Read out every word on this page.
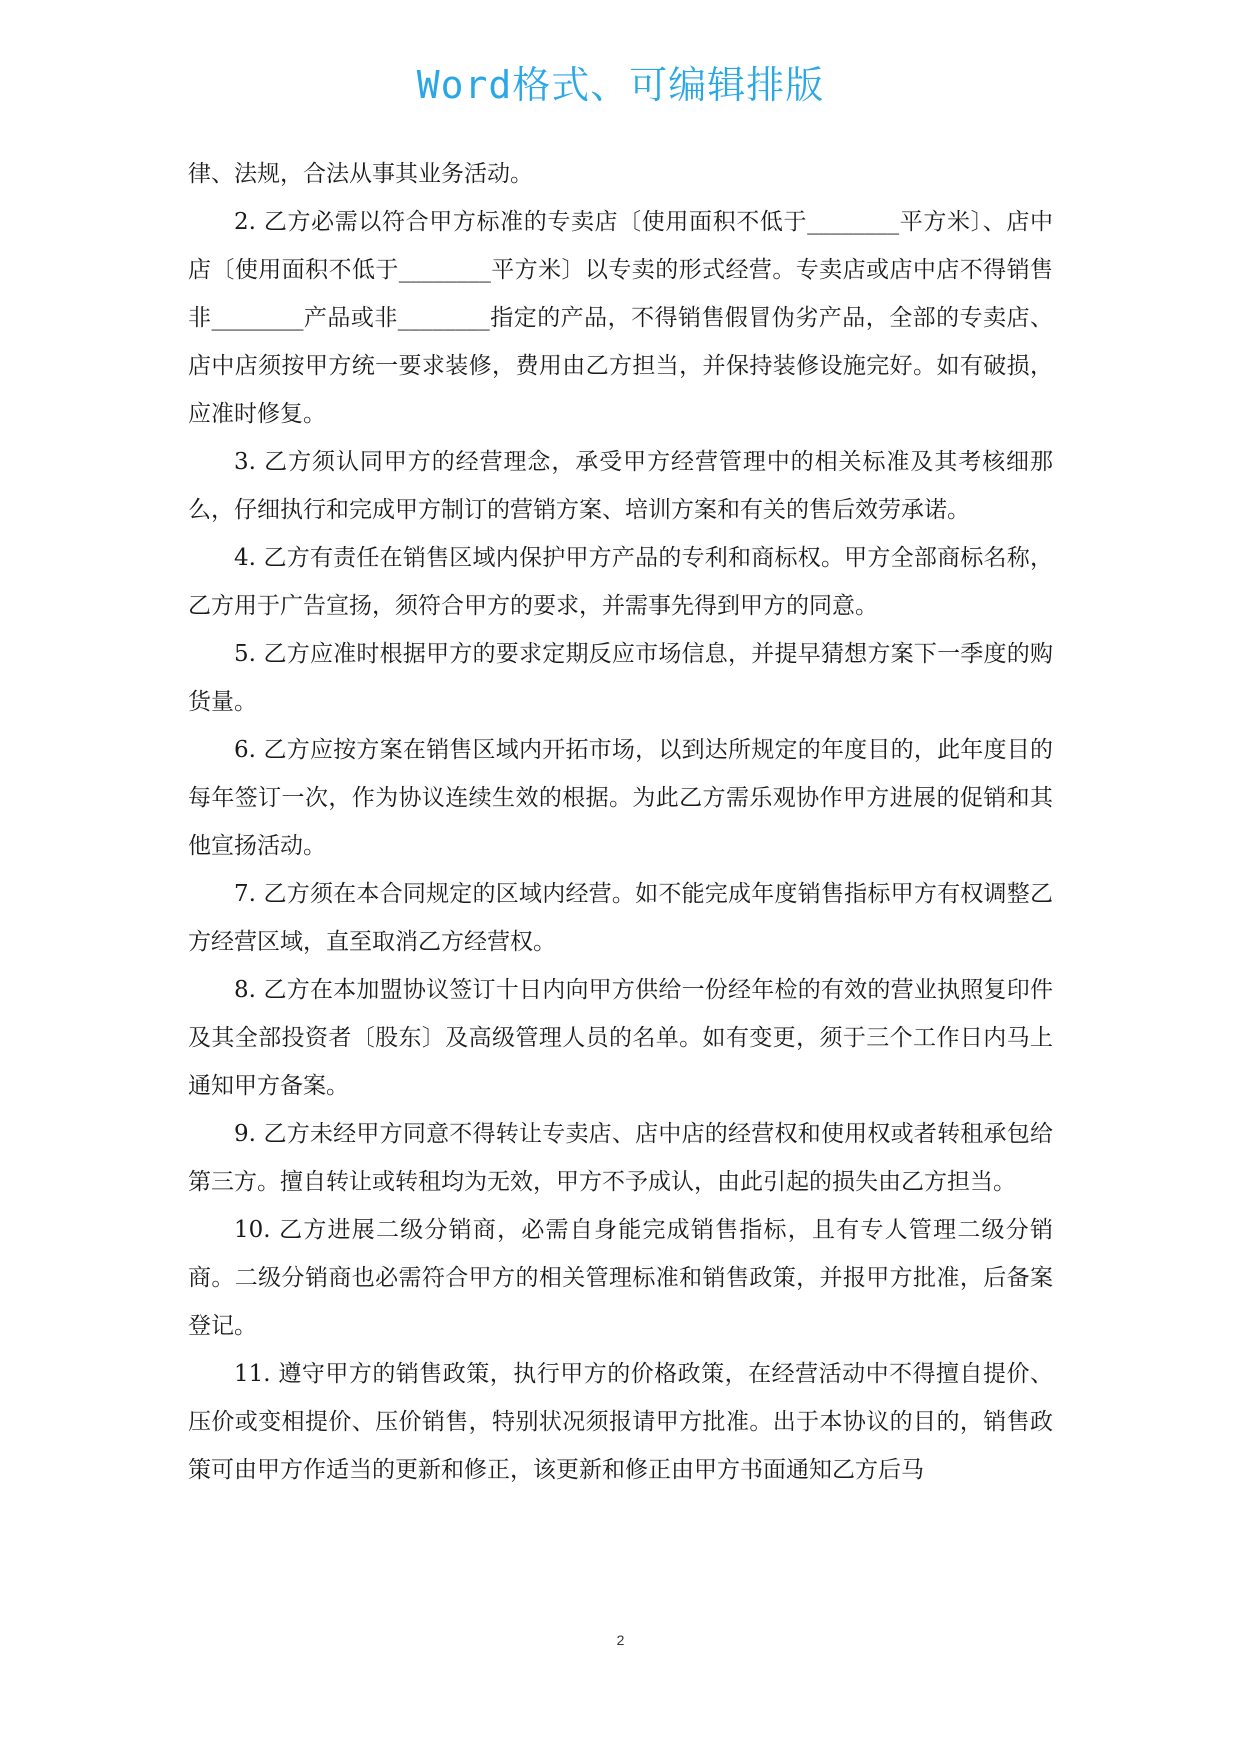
Word格式、可编辑排版

律、法规，合法从事其业务活动。

2. 乙方必需以符合甲方标准的专卖店〔使用面积不低于________平方米〕、店中店〔使用面积不低于________平方米〕以专卖的形式经营。专卖店或店中店不得销售非________产品或非________指定的产品，不得销售假冒伪劣产品，全部的专卖店、店中店须按甲方统一要求装修，费用由乙方担当，并保持装修设施完好。如有破损，应准时修复。

3. 乙方须认同甲方的经营理念，承受甲方经营管理中的相关标准及其考核细那么，仔细执行和完成甲方制订的营销方案、培训方案和有关的售后效劳承诺。

4. 乙方有责任在销售区域内保护甲方产品的专利和商标权。甲方全部商标名称，乙方用于广告宣扬，须符合甲方的要求，并需事先得到甲方的同意。

5. 乙方应准时根据甲方的要求定期反应市场信息，并提早猜想方案下一季度的购货量。

6. 乙方应按方案在销售区域内开拓市场，以到达所规定的年度目的，此年度目的每年签订一次，作为协议连续生效的根据。为此乙方需乐观协作甲方进展的促销和其他宣扬活动。

7. 乙方须在本合同规定的区域内经营。如不能完成年度销售指标甲方有权调整乙方经营区域，直至取消乙方经营权。

8. 乙方在本加盟协议签订十日内向甲方供给一份经年检的有效的营业执照复印件及其全部投资者〔股东〕及高级管理人员的名单。如有变更，须于三个工作日内马上通知甲方备案。

9. 乙方未经甲方同意不得转让专卖店、店中店的经营权和使用权或者转租承包给第三方。擅自转让或转租均为无效，甲方不予成认，由此引起的损失由乙方担当。

10. 乙方进展二级分销商，必需自身能完成销售指标，且有专人管理二级分销商。二级分销商也必需符合甲方的相关管理标准和销售政策，并报甲方批准，后备案登记。

11. 遵守甲方的销售政策，执行甲方的价格政策，在经营活动中不得擅自提价、压价或变相提价、压价销售，特别状况须报请甲方批准。出于本协议的目的，销售政策可由甲方作适当的更新和修正，该更新和修正由甲方书面通知乙方后马

2
